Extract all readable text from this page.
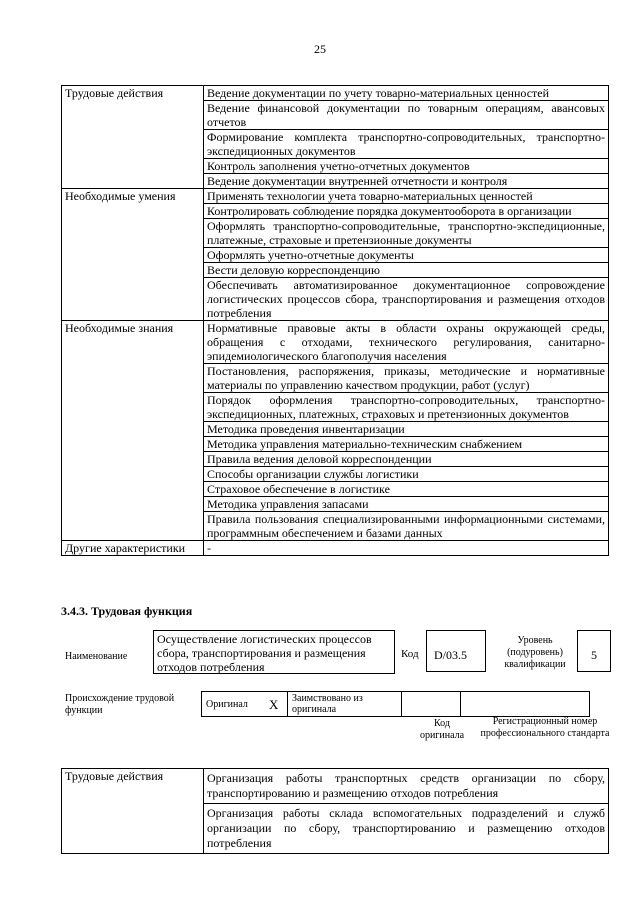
25
Трудовые действия	Ведение документации по учету товарно-материальных ценностей
	Ведение финансовой документации по товарным операциям, авансовых отчетов
	Формирование комплекта транспортно-сопроводительных, транспортно-экспедиционных документов
	Контроль заполнения учетно-отчетных документов
	Ведение документации внутренней отчетности и контроля
Необходимые умения	Применять технологии учета товарно-материальных ценностей
	Контролировать соблюдение порядка документооборота в организации
	Оформлять транспортно-сопроводительные, транспортно-экспедиционные, платежные, страховые и претензионные документы
	Оформлять учетно-отчетные документы
	Вести деловую корреспонденцию
	Обеспечивать автоматизированное документационное сопровождение логистических процессов сбора, транспортирования и размещения отходов потребления
Необходимые знания	Нормативные правовые акты в области охраны окружающей среды, обращения с отходами, технического регулирования, санитарно-эпидемиологического благополучия населения
	Постановления, распоряжения, приказы, методические и нормативные материалы по управлению качеством продукции, работ (услуг)
	Порядок оформления транспортно-сопроводительных, транспортно-экспедиционных, платежных, страховых и претензионных документов
	Методика проведения инвентаризации
	Методика управления материально-техническим снабжением
	Правила ведения деловой корреспонденции
	Способы организации службы логистики
	Страховое обеспечение в логистике
	Методика управления запасами
	Правила пользования специализированными информационными системами, программным обеспечением и базами данных
Другие характеристики	-
3.4.3. Трудовая функция
Наименование
Осуществление логистических процессов сбора, транспортирования и размещения отходов потребления
Код D/03.5
Уровень (подуровень) квалификации
5
Происхождение трудовой функции
Оригинал	X	Заимствовано из оригинала		
Код оригинала
Регистрационный номер профессионального стандарта
Трудовые действия	Организация работы транспортных средств организации по сбору, транспортированию и размещению отходов потребления
Организация работы склада вспомогательных подразделений и служб организации по сбору, транспортированию и размещению отходов потребления
